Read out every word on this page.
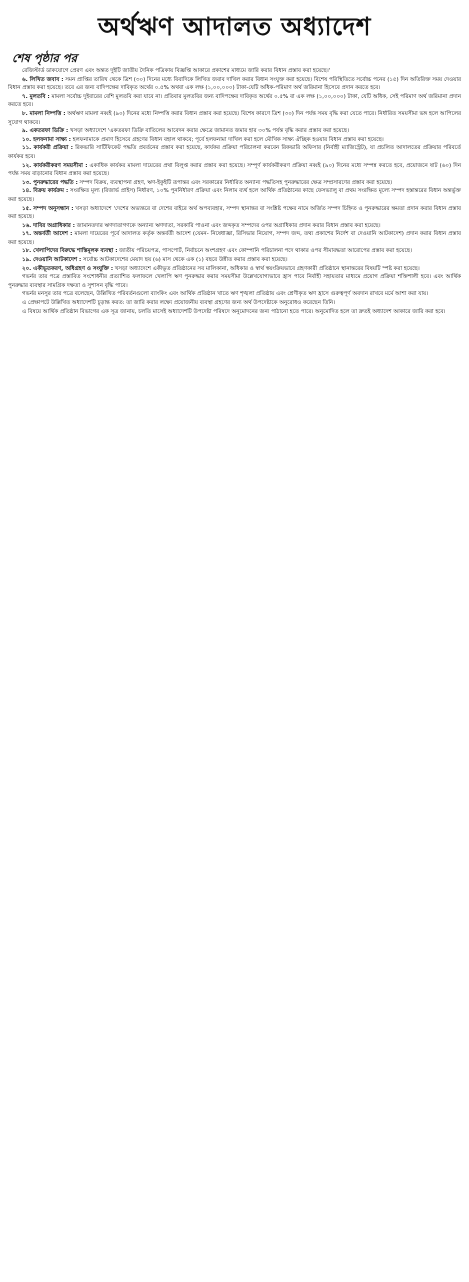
অর্থঋণ আদালত অধ্যাদেশ
শেষ পৃষ্ঠার পর

রেজিস্টার্ড ডাকযোগে প্রেরণ এবং অন্তত দুইটি জাতীয় দৈনিক পত্রিকায় বিজ্ঞপ্তি আকারে প্রকাশের মাধ্যমে জারি করার বিধান প্রস্তাব করা হয়েছে।'

৬. লিখিত জবাব : সমন প্রাপ্তির তারিখ থেকে ত্রিশ (৩০) দিনের মধ্যে বিবাদিকে লিখিত জবাব দাখিল করার বিধান সংযুক্ত করা হয়েছে। বিশেষ পরিস্থিতিতে সর্বোচ্চ পনের (১৫) দিন অতিরিক্ত সময় দেওয়ার বিধান প্রস্তাব করা হয়েছে। তবে এর জন্য বাদিপক্ষের দাবিকৃত অর্থের ০.৫% অথবা এক লক্ষ (১,০০,০০০) টাকা-যেটি অধিক-পরিমাণ অর্থ জরিমানা হিসেবে প্রদান করতে হবে।

৭. মুলতবি : মামলা সর্বোচ্চ দুইবারের বেশি মুলতবি করা যাবে না। প্রতিবার মুলতবির জন্য বাদিপক্ষের দাবিকৃত অর্থের ০.৫% বা এক লক্ষ (১,০০,০০০) টাকা, যেটি অধিক, সেই পরিমাণ অর্থ জরিমানা প্রদান করতে হবে।

৮. মামলা নিষ্পত্তি : অর্থঋণ মামলা নব্বই (৯০) দিনের মধ্যে নিষ্পত্তি করার বিধান প্রস্তাব করা হয়েছে। বিশেষ কারণে ত্রিশ (৩০) দিন পর্যন্ত সময় বৃদ্ধি করা যেতে পারে। নির্ধারিত সময়সীমা ভঙ্গ হলে আপিলের সুযোগ থাকবে।

৯. একতরফা ডিক্রি : খসড়া অধ্যাদেশে 'একতরফা ডিক্রি বাতিলের আবেদন করার ক্ষেত্রে জামানত জমার হার ৩০% পর্যন্ত বৃদ্ধি করার প্রস্তাব করা হয়েছে।

১০. হলফনামা সাক্ষ্য : হলফনামাকে প্রমাণ হিসেবে গ্রহণের বিধান বহাল থাকবে; পূর্বে হলফনামা দাখিল করা হলে মৌখিক সাক্ষ্য ঐচ্ছিক হওয়ার বিধান প্রস্তাব করা হয়েছে।

১১. কার্যকরী প্রক্রিয়া : রিকভারি সার্টিফিকেট পদ্ধতি প্রবর্তনের প্রস্তাব করা হয়েছে, কার্যকর প্রক্রিয়া পরিচালনা করবেন রিকভারি অফিসার (নির্বাহী ম্যাজিস্ট্রেট), যা প্রচলিত আদালতের প্রক্রিয়ার পরিবর্তে কার্যকর হবে।

১২. কার্যকরীকরণ সময়সীমা : একাধিক কার্যকর মামলা দায়েরের প্রথা বিলুপ্ত করার প্রস্তাব করা হয়েছে। সম্পূর্ণ কার্যকরীকরণ প্রক্রিয়া নব্বই (৯০) দিনের মধ্যে সম্পন্ন করতে হবে, প্রয়োজনে ষাট (৬০) দিন পর্যন্ত সময় বাড়ানোর বিধান প্রস্তাব করা হয়েছে।

১৩. পুনরুদ্ধারের পদ্ধতি : সম্পদ বিক্রয়, ব্যবস্থাপনা গ্রহণ, ঋণ-ইকুইটি রূপান্তর এবং সরকারের নির্ধারিত অন্যান্য পদ্ধতিসহ পুনরুদ্ধারের ক্ষেত্র সম্প্রসারণের প্রস্তাব করা হয়েছে।

১৪. বিক্রয় কার্যক্রম : সংরক্ষিত মূল্য (রিজার্ভ প্রাইস) নির্ধারণ, ১০% পুনর্নির্ধারণ প্রক্রিয়া এবং নিলাম ব্যর্থ হলে আর্থিক প্রতিষ্ঠানের কাছে ফেসভ্যালু বা প্রথম সংরক্ষিত মূল্যে সম্পদ হস্তান্তরের বিধান অন্তর্ভুক্ত করা হয়েছে।

১৫. সম্পদ অনুসন্ধান : খসড়া অধ্যাদেশে 'দেশের অভ্যন্তরে বা দেশের বাইরে অর্থ অপব্যবহার, সম্পদ স্থানান্তর বা সংশ্লিষ্ট পক্ষের নামে অর্জিত সম্পদ চিহ্নিত ও পুনরুদ্ধারের ক্ষমতা প্রদান করার বিধান প্রস্তাব করা হয়েছে।

১৬. দাবির অগ্রাধিকার : জামানতদার ঋণদাতাগণকে অন্যান্য ঋণদাতা, সরকারি পাওনা এবং জব্দকৃত সম্পদের ওপর অগ্রাধিকার প্রদান করার বিধান প্রস্তাব করা হয়েছে।

১৭. অন্তর্বর্তী আদেশ : মামলা দায়েরের পূর্বে আদালত কর্তৃক অন্তর্বর্তী আদেশ (যেমন- নিষেধাজ্ঞা, রিসিভার নিয়োগ, সম্পদ জব্দ, তথ্য প্রকাশের নির্দেশ বা দেওয়ানি আটকাদেশ) প্রদান করার বিধান প্রস্তাব করা হয়েছে।

১৮. খেলাপিদের বিরুদ্ধে শাস্তিমূলক ব্যবস্থা : জাতীয় পরিচয়পত্র, পাসপোর্ট, নির্বাচনে অংশগ্রহণ এবং কোম্পানি পরিচালনা পদে থাকার ওপর সীমাবদ্ধতা আরোপের প্রস্তাব করা হয়েছে।

১৯. দেওয়ানি আটকাদেশ : সর্বোচ্চ আটকাদেশের মেয়াদ ছয় (৬) মাস থেকে এক (১) বছরে উন্নীত করার প্রস্তাব করা হয়েছে।

২০. একীভূতকরণ, অধিগ্রহণ ও সংযুক্তি : খসড়া অধ্যাদেশে একীভূত প্রতিষ্ঠানের সব মালিকানা, অধিকার ও স্বার্থ স্বয়ংক্রিয়ভাবে গ্রহণকারী প্রতিষ্ঠানে স্থানান্তরের বিষয়টি স্পষ্ট করা হয়েছে।

গভর্নর তার পত্রে প্রস্তাবিত সংশোধনীর প্রত্যাশিত ফলাফলে খেলাপি ঋণ পুনরুদ্ধার করার সময়সীমা উল্লেখযোগ্যভাবে হ্রাস পাবে নির্বাহী সহায়তার মাধ্যমে প্রয়োগ প্রক্রিয়া শক্তিশালী হবে। এবং আর্থিক পুনরুদ্ধার ব্যবস্থার সামগ্রিক দক্ষতা ও সুশাসন বৃদ্ধি পাবে।

গভর্নর মনসুর তার পত্রে বলেছেন, উল্লিখিত পরিবর্তনগুলো ব্যাংকিং এবং আর্থিক প্রতিষ্ঠান খাতে ঋণ শৃঙ্খলা প্রতিষ্ঠায় এবং শ্রেণীকৃত ঋণ হ্রাসে গুরুত্বপূর্ণ অবদান রাখবে মর্মে আশা করা যায়।

এ প্রেক্ষাপটে উল্লিখিত অধ্যাদেশটি চূড়ান্ত করত: তা জারি করার লক্ষ্যে প্রয়োজনীয় ব্যবস্থা গ্রহণের জন্য অর্থ উপদেষ্টাকে অনুরোধও করেছেন তিনি।

এ বিষয়ে আর্থিক প্রতিষ্ঠান বিভাগের এক সূত্র জানায়, চলতি মাসেই অধ্যাদেশটি উপদেষ্টা পরিষদে অনুমোদনের জন্য পাঠানো হতে পারে। অনুমোদিত হলে তা দ্রুতই অধ্যাদেশ আকারে জারি করা হবে।
